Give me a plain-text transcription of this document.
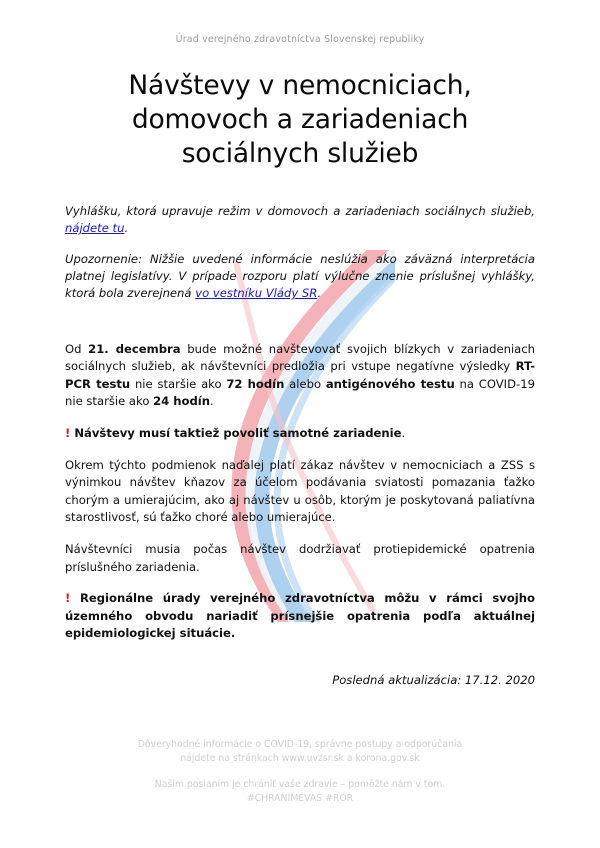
Úrad verejného zdravotníctva Slovenskej republiky
Návštevy v nemocniciach,
domovoch a zariadeniach
sociálnych služieb

Vyhlášku, ktorá upravuje režim v domovoch a zariadeniach sociálnych služieb, nájdete tu.

Upozornenie: Nižšie uvedené informácie neslúžia ako záväzná interpretácia platnej legislatívy. V prípade rozporu platí výlučne znenie príslušnej vyhlášky, ktorá bola zverejnená vo vestníku Vlády SR.

Od 21. decembra bude možné navštevovať svojich blízkych v zariadeniach sociálnych služieb, ak návštevníci predložia pri vstupe negatívne výsledky RT-PCR testu nie staršie ako 72 hodín alebo antigénového testu na COVID-19 nie staršie ako 24 hodín.

! Návštevy musí taktiež povoliť samotné zariadenie.

Okrem týchto podmienok naďalej platí zákaz návštev v nemocniciach a ZSS s výnimkou návštev kňazov za účelom podávania sviatosti pomazania ťažko chorým a umierajúcim, ako aj návštev u osôb, ktorým je poskytovaná paliatívna starostlivosť, sú ťažko choré alebo umierajúce.

Návštevníci musia počas návštev dodržiavať protiepidemické opatrenia príslušného zariadenia.

! Regionálne úrady verejného zdravotníctva môžu v rámci svojho územného obvodu nariadiť prísnejšie opatrenia podľa aktuálnej epidemiologickej situácie.

Posledná aktualizácia: 17.12. 2020

Dôveryhodné informácie o COVID-19, správne postupy a odporúčania
nájdete na stránkach www.uvzsr.sk a korona.gov.sk
Naším poslaním je chrániť vaše zdravie – pomôžte nám v tom.
#CHRANIMEVAS #ROR
